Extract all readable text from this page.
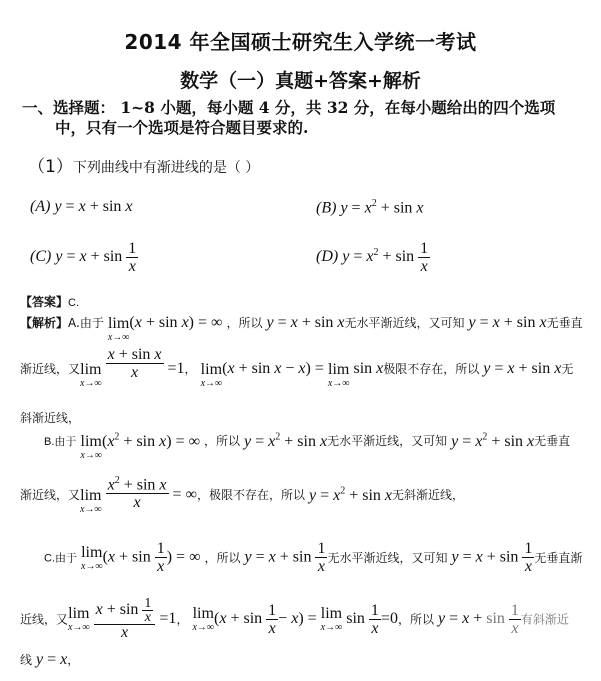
2014 年全国硕士研究生入学统一考试
数学（一）真题+答案+解析
一、选择题： 1~8 小题，每小题 4 分，共 32 分，在每小题给出的四个选项
中，只有一个选项是符合题目要求的.
（1）下列曲线中有渐进线的是（ ）
(A) y = x + sin x	(B) $y = x^2 + \sin x$
(C) $y = x + \sin \frac{1}{x}$	(D) $y = x^2 + \sin \frac{1}{x}$
【答案】C.
【解析】A.由于 lim
x→∞
(x + sin x) = ∞ $^{,所以}$ $y = x + \sin x^{无水平渐近线,又可知}$ $y = x + \sin x^{无垂直}$
渐近线，又 lim
x→∞

$\frac{\text{x + sin x}}{x} =1^,$ lim
x→∞
(x + sin x − x) = lim
x→∞
$\sin x^{极限不存在,所以}$ $y = x + \sin x^无$
斜渐近线，
B.由于 lim
x→∞
$(x^2 + \sin x)$ = ∞ $^{,所以}$ $y = x^2 + \sin x^{无水平渐近线,又可知}$ $y = x^2 + \sin x^{无垂直}$
渐近线，又 lim
x→∞
$\frac{x^2 + \sin x}{x} = \infty^{,极限不存在,所以}$ $y = x^2 + \sin x^{无斜渐近线,}$
C.由于 lim
x→∞
($x + \sin \frac{1}{x}$ ) = ∞ ，所以 $y = x + \sin \frac{1}{x}$ 无水平渐近线，又可知 $y = x + \sin \frac{1}{x}$ 无垂直渐
近线，又 lim
x→∞
$\frac{x + \sin \frac{1}{x}}{x} =1$， lim
x→∞
$(x + \sin \frac{1}{x} - x) = \lim$
x→∞
$\sin \frac{1}{x} =0$，所以 $y = x + \sin \frac{1}{x}$ 有斜渐近
线 y = x，
